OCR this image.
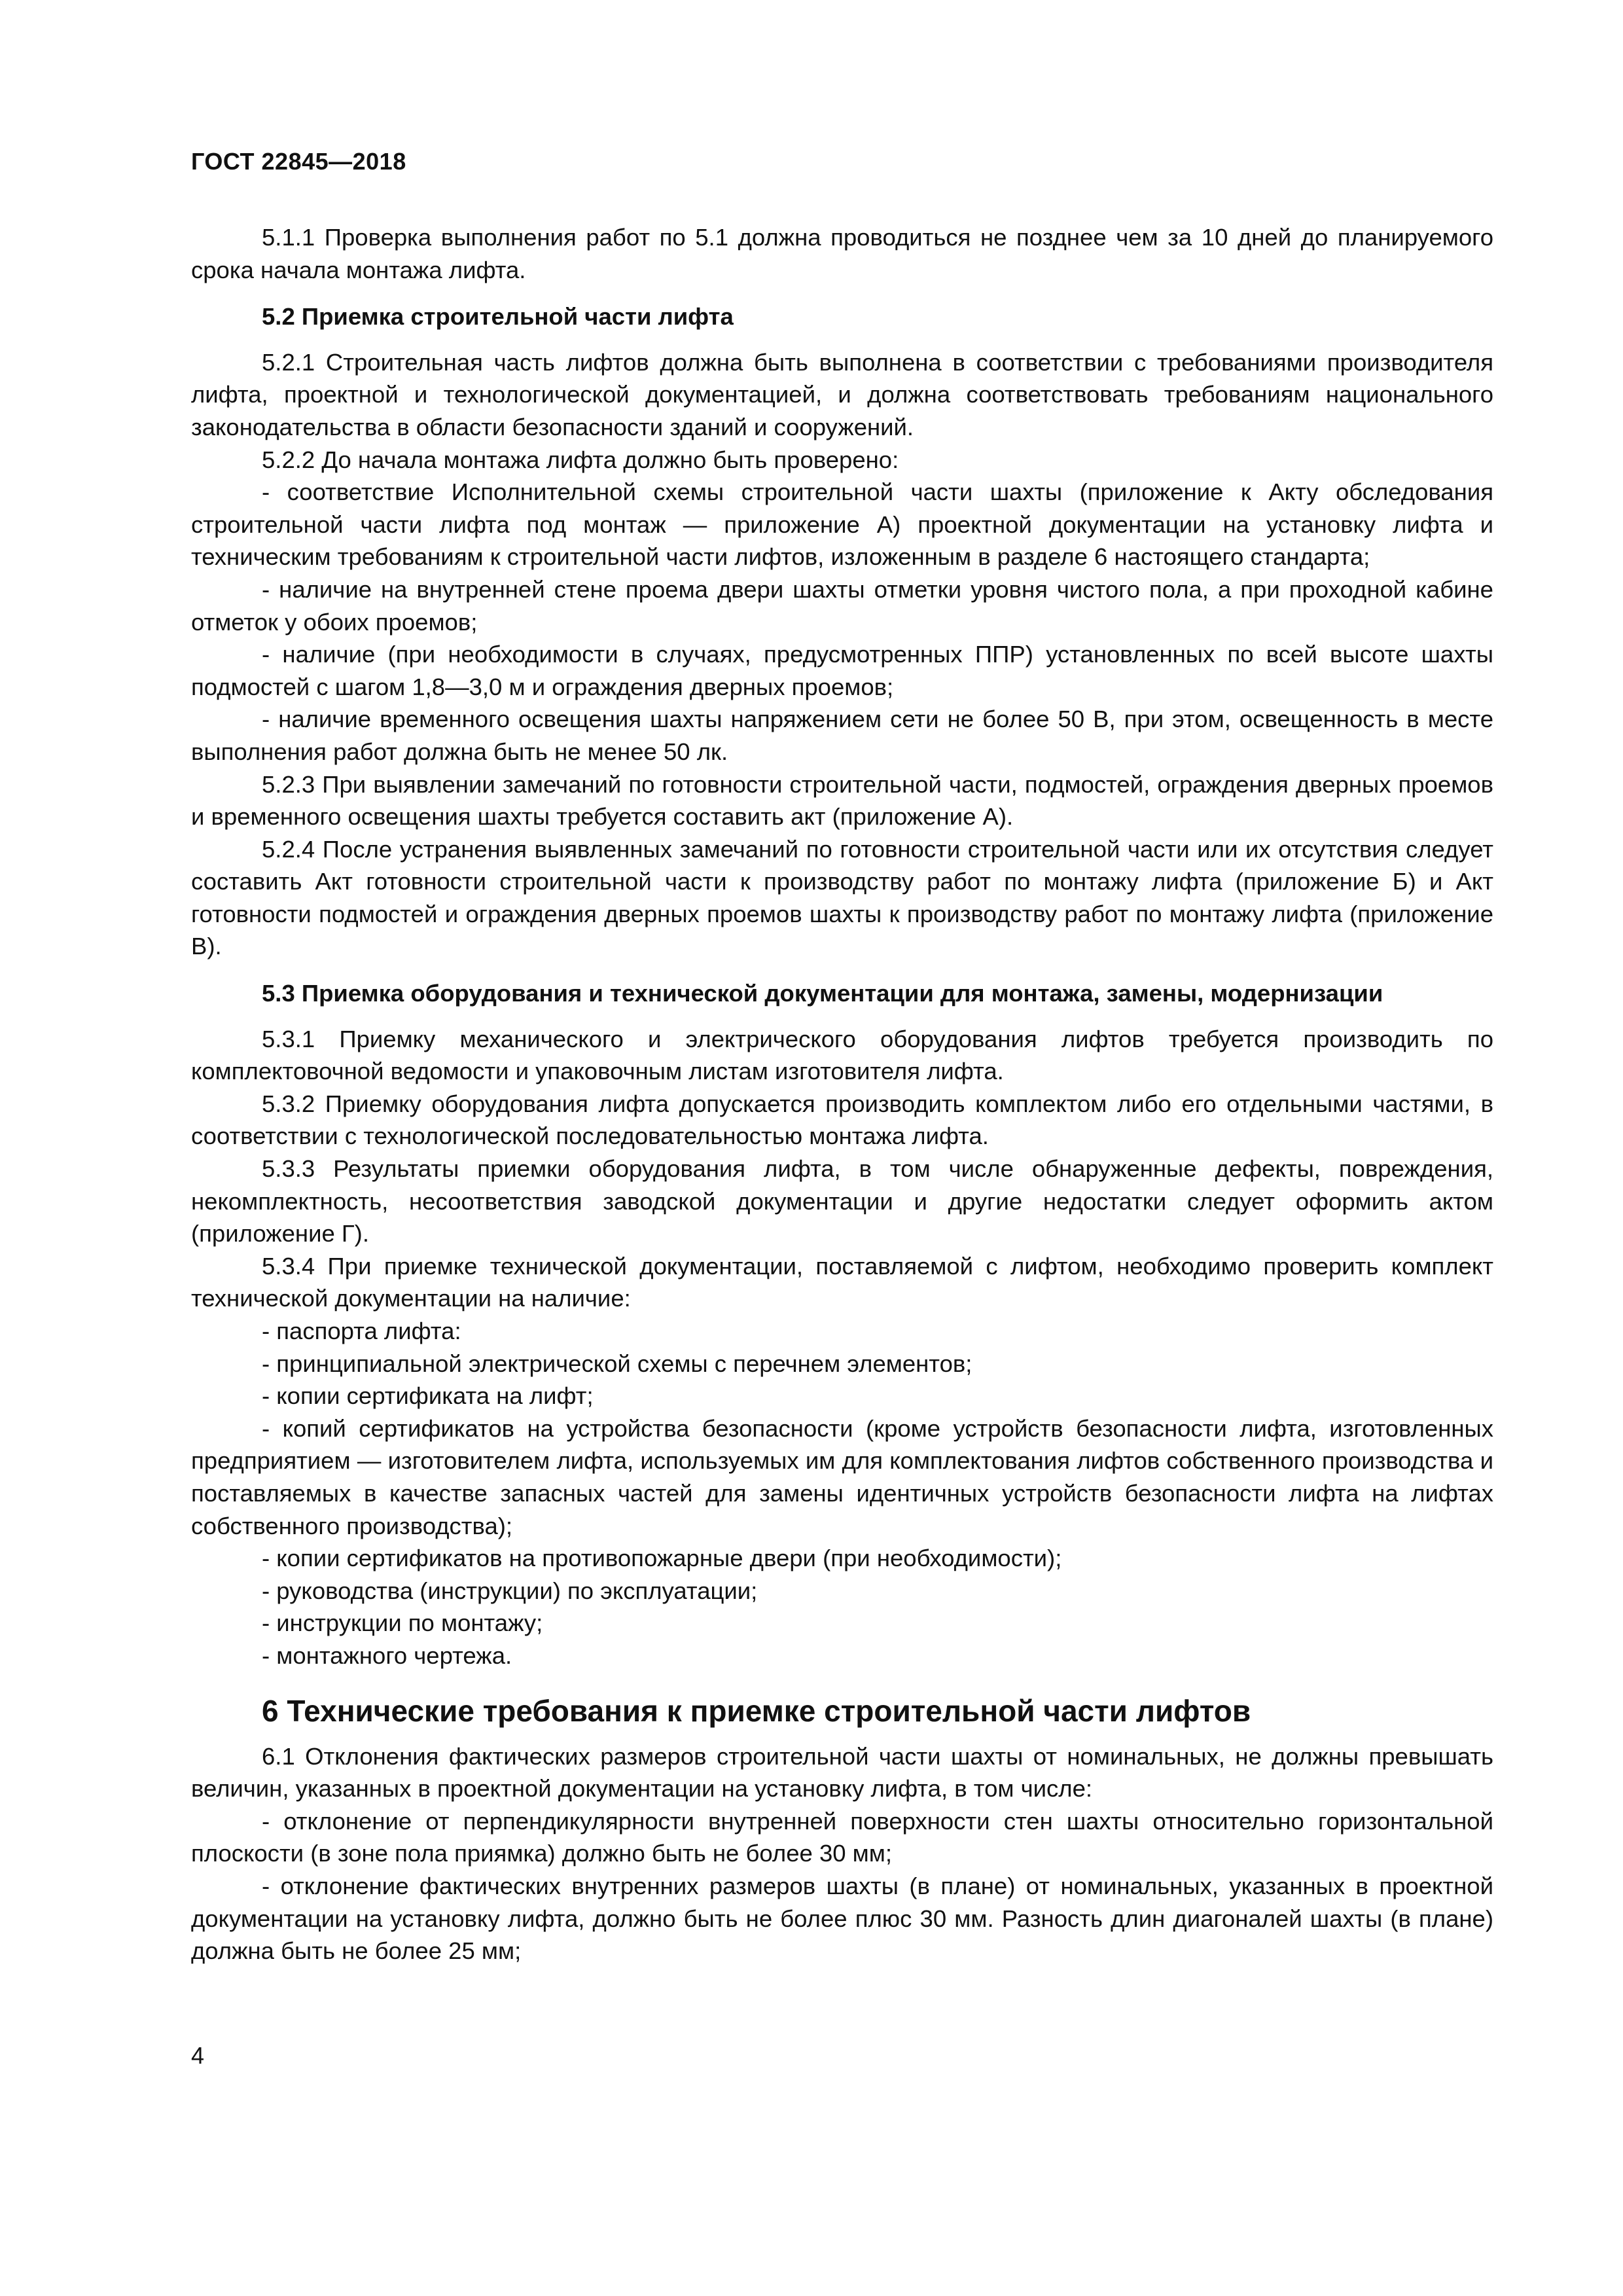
ГОСТ 22845—2018

5.1.1 Проверка выполнения работ по 5.1 должна проводиться не позднее чем за 10 дней до планируемого срока начала монтажа лифта.

5.2 Приемка строительной части лифта

5.2.1 Строительная часть лифтов должна быть выполнена в соответствии с требованиями производителя лифта, проектной и технологической документацией, и должна соответствовать требованиям национального законодательства в области безопасности зданий и сооружений.

5.2.2 До начала монтажа лифта должно быть проверено:

- соответствие Исполнительной схемы строительной части шахты (приложение к Акту обследования строительной части лифта под монтаж — приложение А) проектной документации на установку лифта и техническим требованиям к строительной части лифтов, изложенным в разделе 6 настоящего стандарта;

- наличие на внутренней стене проема двери шахты отметки уровня чистого пола, а при проходной кабине отметок у обоих проемов;

- наличие (при необходимости в случаях, предусмотренных ППР) установленных по всей высоте шахты подмостей с шагом 1,8—3,0 м и ограждения дверных проемов;

- наличие временного освещения шахты напряжением сети не более 50 В, при этом, освещенность в месте выполнения работ должна быть не менее 50 лк.

5.2.3 При выявлении замечаний по готовности строительной части, подмостей, ограждения дверных проемов и временного освещения шахты требуется составить акт (приложение А).

5.2.4 После устранения выявленных замечаний по готовности строительной части или их отсутствия следует составить Акт готовности строительной части к производству работ по монтажу лифта (приложение Б) и Акт готовности подмостей и ограждения дверных проемов шахты к производству работ по монтажу лифта (приложение В).

5.3 Приемка оборудования и технической документации для монтажа, замены, модернизации

5.3.1 Приемку механического и электрического оборудования лифтов требуется производить по комплектовочной ведомости и упаковочным листам изготовителя лифта.

5.3.2 Приемку оборудования лифта допускается производить комплектом либо его отдельными частями, в соответствии с технологической последовательностью монтажа лифта.

5.3.3 Результаты приемки оборудования лифта, в том числе обнаруженные дефекты, повреждения, некомплектность, несоответствия заводской документации и другие недостатки следует оформить актом (приложение Г).

5.3.4 При приемке технической документации, поставляемой с лифтом, необходимо проверить комплект технической документации на наличие:

- паспорта лифта:

- принципиальной электрической схемы с перечнем элементов;

- копии сертификата на лифт;

- копий сертификатов на устройства безопасности (кроме устройств безопасности лифта, изготовленных предприятием — изготовителем лифта, используемых им для комплектования лифтов собственного производства и поставляемых в качестве запасных частей для замены идентичных устройств безопасности лифта на лифтах собственного производства);

- копии сертификатов на противопожарные двери (при необходимости);

- руководства (инструкции) по эксплуатации;

- инструкции по монтажу;

- монтажного чертежа.

6 Технические требования к приемке строительной части лифтов

6.1 Отклонения фактических размеров строительной части шахты от номинальных, не должны превышать величин, указанных в проектной документации на установку лифта, в том числе:

- отклонение от перпендикулярности внутренней поверхности стен шахты относительно горизонтальной плоскости (в зоне пола приямка) должно быть не более 30 мм;

- отклонение фактических внутренних размеров шахты (в плане) от номинальных, указанных в проектной документации на установку лифта, должно быть не более плюс 30 мм. Разность длин диагоналей шахты (в плане) должна быть не более 25 мм;

4
